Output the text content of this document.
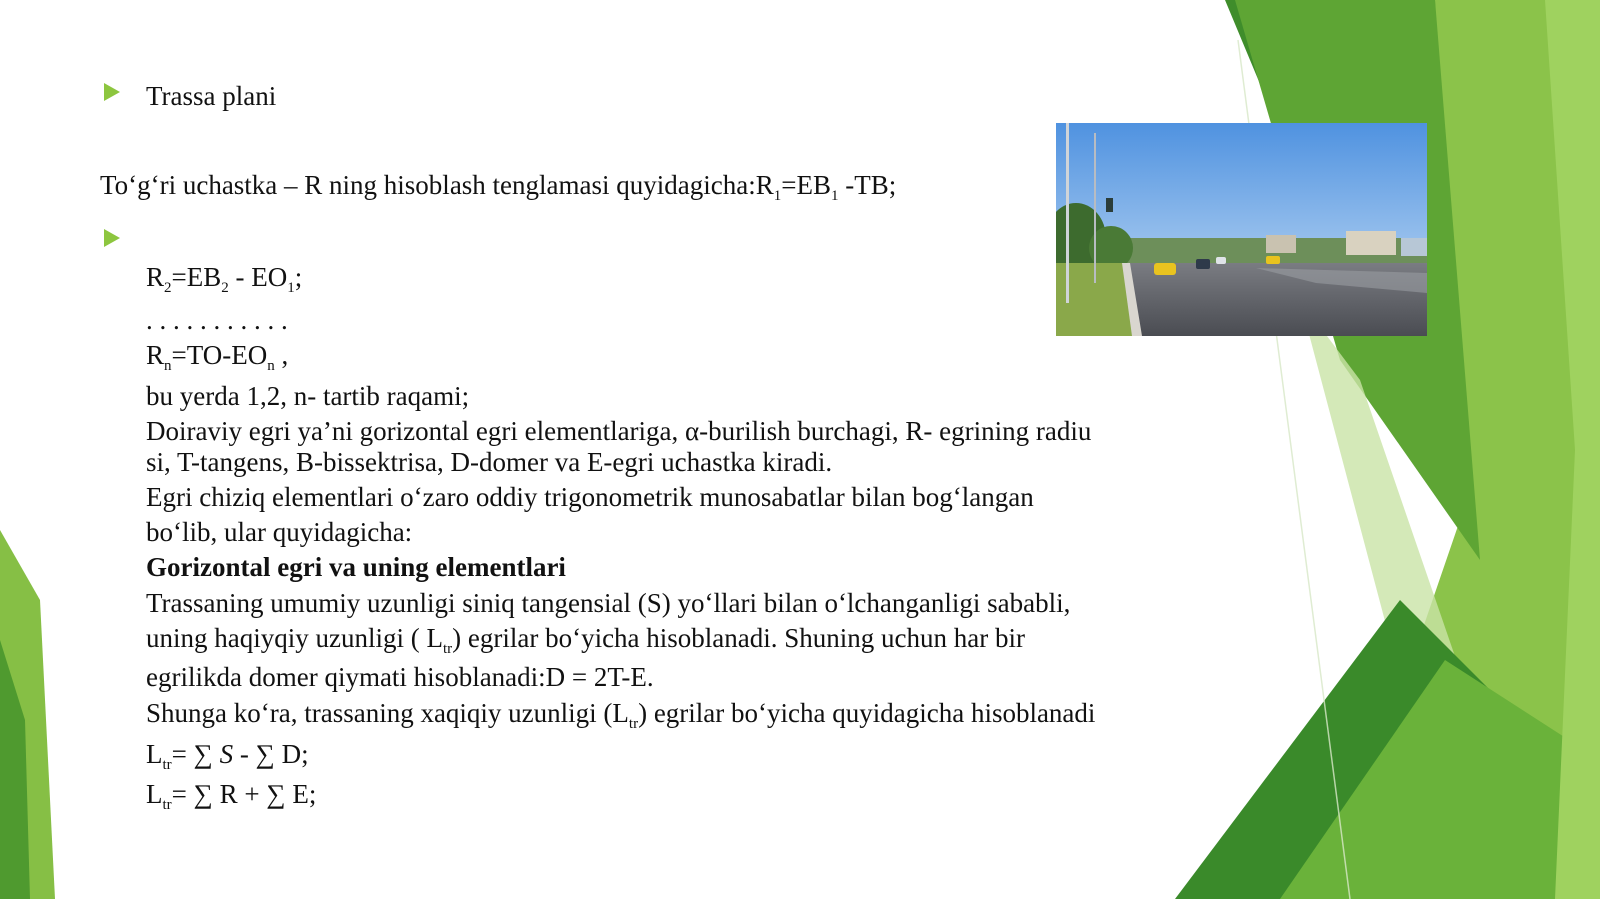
Trassa plani
To‘g‘ri uchastka – R ning hisoblash tenglamasi $quyidagicha:R_1=EB_1$ -TB;
$R_2=EB_2 - EO_1$;
. . . . . . . . . . .
$R_n=TO-EO_n$ ,
bu yerda 1,2, n- tartib raqami;
Doiraviy egri ya’ni gorizontal egri elementlariga, α-burilish burchagi, R- egrining radiu
si, T-tangens, B-bissektrisa, D-domer va E-egri uchastka kiradi.
Egri chiziq elementlari o‘zaro oddiy trigonometrik munosabatlar bilan bog‘langan
bo‘lib, ular quyidagicha:
Gorizontal egri va uning elementlari
Trassaning umumiy uzunligi siniq tangensial (S) yo‘llari bilan o‘lchanganligi sababli,
uning haqiyqiy uzunligi ( $L_{tr}$) egrilar bo‘yicha hisoblanadi. Shuning uchun har bir
egrilikda domer qiymati hisoblanadi:D = 2T-E.
Shunga ko‘ra, trassaning xaqiqiy uzunligi $(L_{tr})$ egrilar bo‘yicha quyidagicha hisoblanadi
$L_{tr}=$ ∑ S - ∑ D;
$L_{tr}=$ ∑ R + ∑ E;
